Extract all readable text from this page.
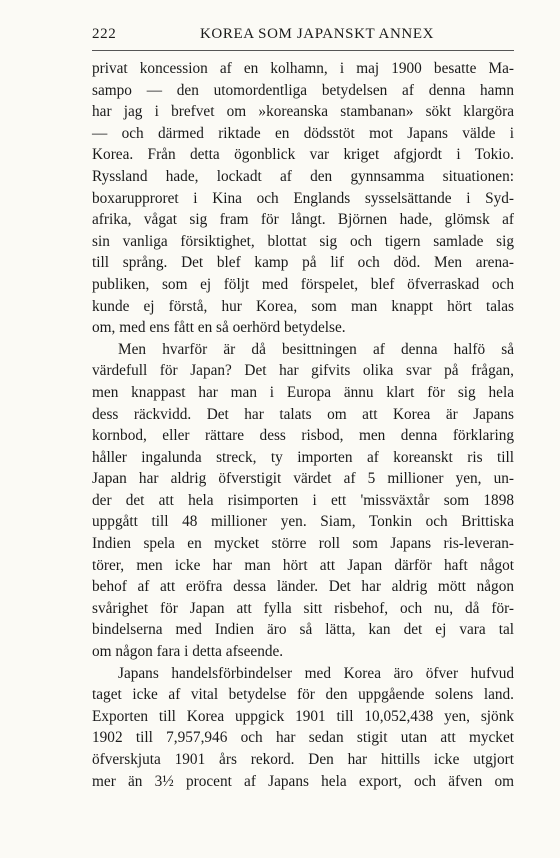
222	KOREA SOM JAPANSKT ANNEX
privat koncession af en kolhamn, i maj 1900 besatte Ma-
sampo — den utomordentliga betydelsen af denna hamn
har jag i brefvet om »koreanska stambanan» sökt klargöra
— och därmed riktade en dödsstöt mot Japans välde i
Korea. Från detta ögonblick var kriget afgjordt i Tokio.
Ryssland hade, lockadt af den gynnsamma situationen:
boxarupproret i Kina och Englands sysselsättande i Syd-
afrika, vågat sig fram för långt. Björnen hade, glömsk af
sin vanliga försiktighet, blottat sig och tigern samlade sig
till språng. Det blef kamp på lif och död. Men arena-
publiken, som ej följt med förspelet, blef öfverraskad och
kunde ej förstå, hur Korea, som man knappt hört talas
om, med ens fått en så oerhörd betydelse.
Men hvarför är då besittningen af denna halfö så
värdefull för Japan? Det har gifvits olika svar på frågan,
men knappast har man i Europa ännu klart för sig hela
dess räckvidd. Det har talats om att Korea är Japans
kornbod, eller rättare dess risbod, men denna förklaring
håller ingalunda streck, ty importen af koreanskt ris till
Japan har aldrig öfverstigit värdet af 5 millioner yen, un-
der det att hela risimporten i ett 'missväxtår som 1898
uppgått till 48 millioner yen. Siam, Tonkin och Brittiska
Indien spela en mycket större roll som Japans ris-leveran-
törer, men icke har man hört att Japan därför haft något
behof af att eröfra dessa länder. Det har aldrig mött någon
svårighet för Japan att fylla sitt risbehof, och nu, då för-
bindelserna med Indien äro så lätta, kan det ej vara tal
om någon fara i detta afseende.
Japans handelsförbindelser med Korea äro öfver hufvud
taget icke af vital betydelse för den uppgående solens land.
Exporten till Korea uppgick 1901 till 10,052,438 yen, sjönk
1902 till 7,957,946 och har sedan stigit utan att mycket
öfverskjuta 1901 års rekord. Den har hittills icke utgjort
mer än 3½ procent af Japans hela export, och äfven om
